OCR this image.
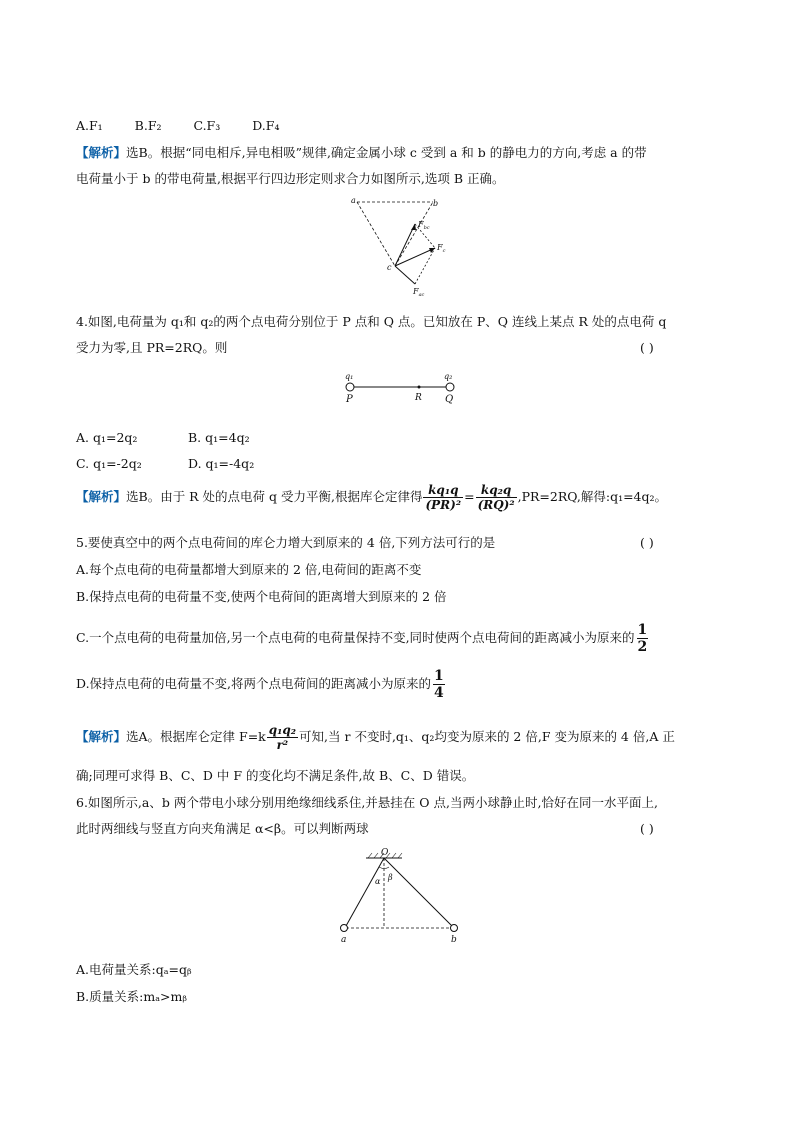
A.F₁	B.F₂	C.F₃	D.F₄
【解析】选B。根据“同电相斥,异电相吸”规律,确定金属小球 c 受到 a 和 b 的静电力的方向,考虑 a 的带
电荷量小于 b 的带电荷量,根据平行四边形定则求合力如图所示,选项 B 正确。
a	b
c
$F_{bc}$
$F_c$
$F_{ac}$
4.如图,电荷量为 q₁和 q₂的两个点电荷分别位于 P 点和 Q 点。已知放在 P、Q 连线上某点 R 处的点电荷 q
受力为零,且 PR=2RQ。则	( )
q₁	q₂
P	R Q
A. q₁=2q₂	B. q₁=4q₂
C. q₁=-2q₂	D. q₁=-4q₂
【解析】选B。由于 R 处的点电荷 q 受力平衡,根据库仑定律得 $\frac{\text{kq₁q}}{\text{(PR)²}} = \frac{\text{kq₂q}}{\text{(RQ)²}} ,PR=2RQ$,解得:q₁=4q₂。
5.要使真空中的两个点电荷间的库仑力增大到原来的 4 倍,下列方法可行的是	( )
A.每个点电荷的电荷量都增大到原来的 2 倍,电荷间的距离不变
B.保持点电荷的电荷量不变,使两个电荷间的距离增大到原来的 2 倍
C.一个点电荷的电荷量加倍,另一个点电荷的电荷量保持不变,同时使两个点电荷间的距离减小为原来的 $\frac{1}{2}$
D.保持点电荷的电荷量不变,将两个点电荷间的距离减小为原来的 $\frac{1}{4}$
【解析】选A。根据库仑定律 $F=k \frac{\text{q₁q₂}}{\text{r²}}$ 可知,当 r 不变时,q₁、q₂均变为原来的 2 倍,F 变为原来的 4 倍,A 正
确;同理可求得 B、C、D 中 F 的变化均不满足条件,故 B、C、D 错误。
6.如图所示,a、b 两个带电小球分别用绝缘细线系住,并悬挂在 O 点,当两小球静止时,恰好在同一水平面上,
此时两细线与竖直方向夹角满足 α<β。可以判断两球	( )
O
α β
a	b
A.电荷量关系:qₐ=qᵦ
B.质量关系:mₐ>mᵦ
